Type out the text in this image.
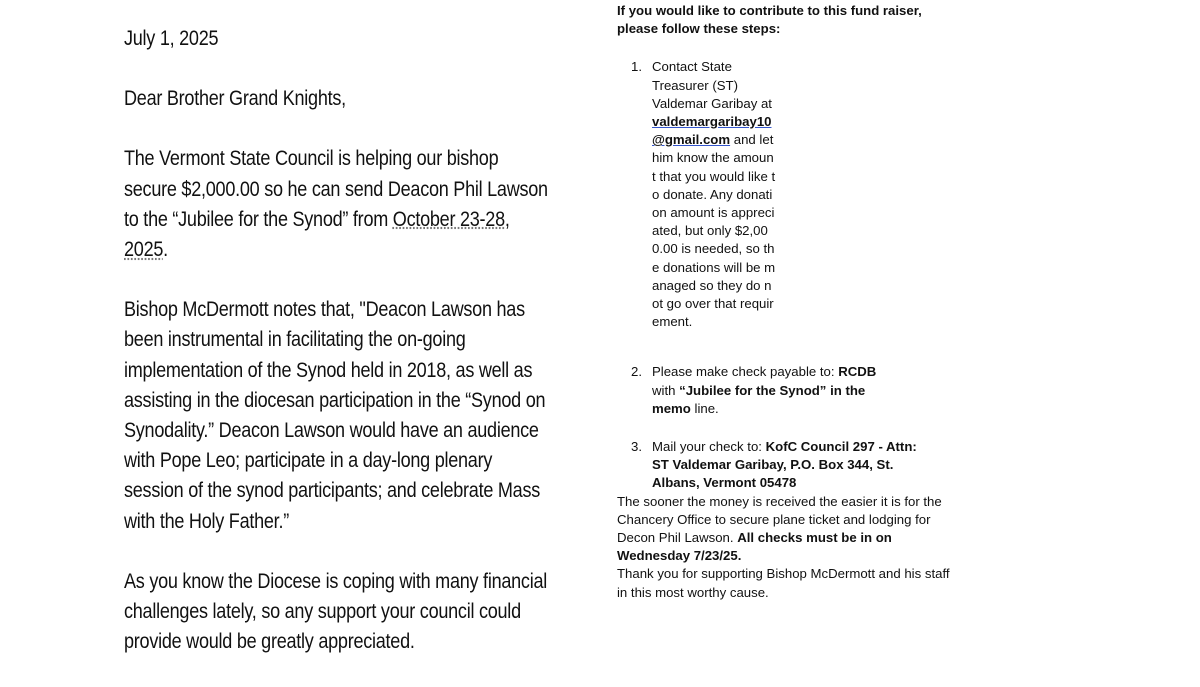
July 1, 2025

Dear Brother Grand Knights,

The Vermont State Council is helping our bishop secure $2,000.00 so he can send Deacon Phil Lawson to the “Jubilee for the Synod” from October 23-28, 2025.

Bishop McDermott notes that, "Deacon Lawson has been instrumental in facilitating the on-going implementation of the Synod held in 2018, as well as assisting in the diocesan participation in the “Synod on Synodality.” Deacon Lawson would have an audience with Pope Leo; participate in a day-long plenary session of the synod participants; and celebrate Mass with the Holy Father.”

As you know the Diocese is coping with many financial challenges lately, so any support your council could provide would be greatly appreciated.

If you would like to contribute to this fund raiser, please follow these steps:

1. Contact State Treasurer (ST) Valdemar Garibay at valdemargaribay10@gmail.com and let him know the amount that you would like to donate. Any donation amount is appreciated, but only $2,000.00 is needed, so the donations will be managed so they do not go over that requirement.
2. Please make check payable to: RCDB with “Jubilee for the Synod” in the memo line.
3. Mail your check to: KofC Council 297 - Attn: ST Valdemar Garibay, P.O. Box 344, St. Albans, Vermont 05478

The sooner the money is received the easier it is for the Chancery Office to secure plane ticket and lodging for Decon Phil Lawson. All checks must be in on Wednesday 7/23/25.

Thank you for supporting Bishop McDermott and his staff in this most worthy cause.
